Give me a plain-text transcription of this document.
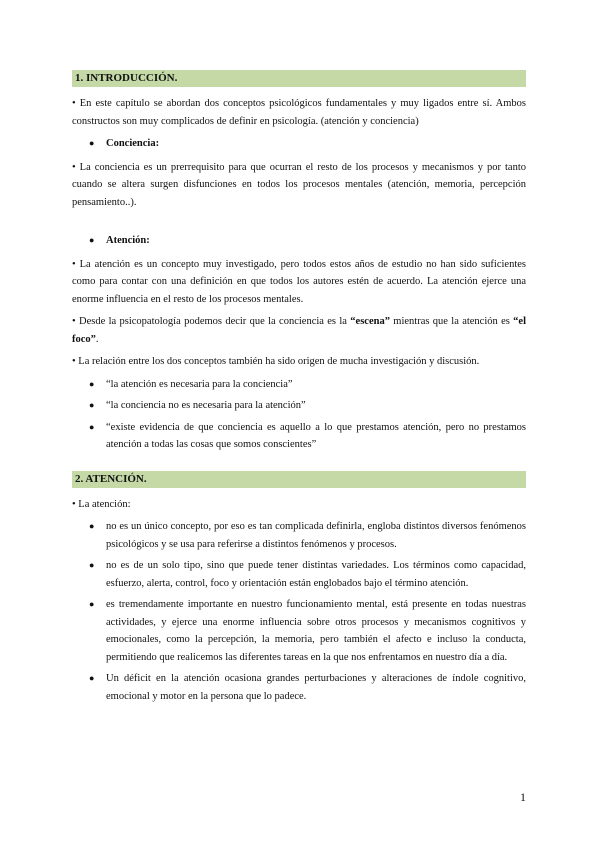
1. INTRODUCCIÓN.

• En este capítulo se abordan dos conceptos psicológicos fundamentales y muy ligados entre sí. Ambos constructos son muy complicados de definir en psicología. (atención y conciencia)

● Conciencia:

• La conciencia es un prerrequisito para que ocurran el resto de los procesos y mecanismos y por tanto cuando se altera surgen disfunciones en todos los procesos mentales (atención, memoria, percepción pensamiento..).

● Atención:

• La atención es un concepto muy investigado, pero todos estos años de estudio no han sido suficientes como para contar con una definición en que todos los autores estén de acuerdo. La atención ejerce una enorme influencia en el resto de los procesos mentales.

• Desde la psicopatología podemos decir que la conciencia es la “escena” mientras que la atención es “el foco”.

• La relación entre los dos conceptos también ha sido origen de mucha investigación y discusión.

● “la atención es necesaria para la conciencia”
● “la conciencia no es necesaria para la atención”
● “existe evidencia de que conciencia es aquello a lo que prestamos atención, pero no prestamos atención a todas las cosas que somos conscientes”
2. ATENCIÓN.

• La atención:

● no es un único concepto, por eso es tan complicada definirla, engloba distintos diversos fenómenos psicológicos y se usa para referirse a distintos fenómenos y procesos.
● no es de un solo tipo, sino que puede tener distintas variedades. Los términos como capacidad, esfuerzo, alerta, control, foco y orientación están englobados bajo el término atención.
● es tremendamente importante en nuestro funcionamiento mental, está presente en todas nuestras actividades, y ejerce una enorme influencia sobre otros procesos y mecanismos cognitivos y emocionales, como la percepción, la memoria, pero también el afecto e incluso la conducta, permitiendo que realicemos las diferentes tareas en la que nos enfrentamos en nuestro día a día.
● Un déficit en la atención ocasiona grandes perturbaciones y alteraciones de índole cognitivo, emocional y motor en la persona que lo padece.
1
